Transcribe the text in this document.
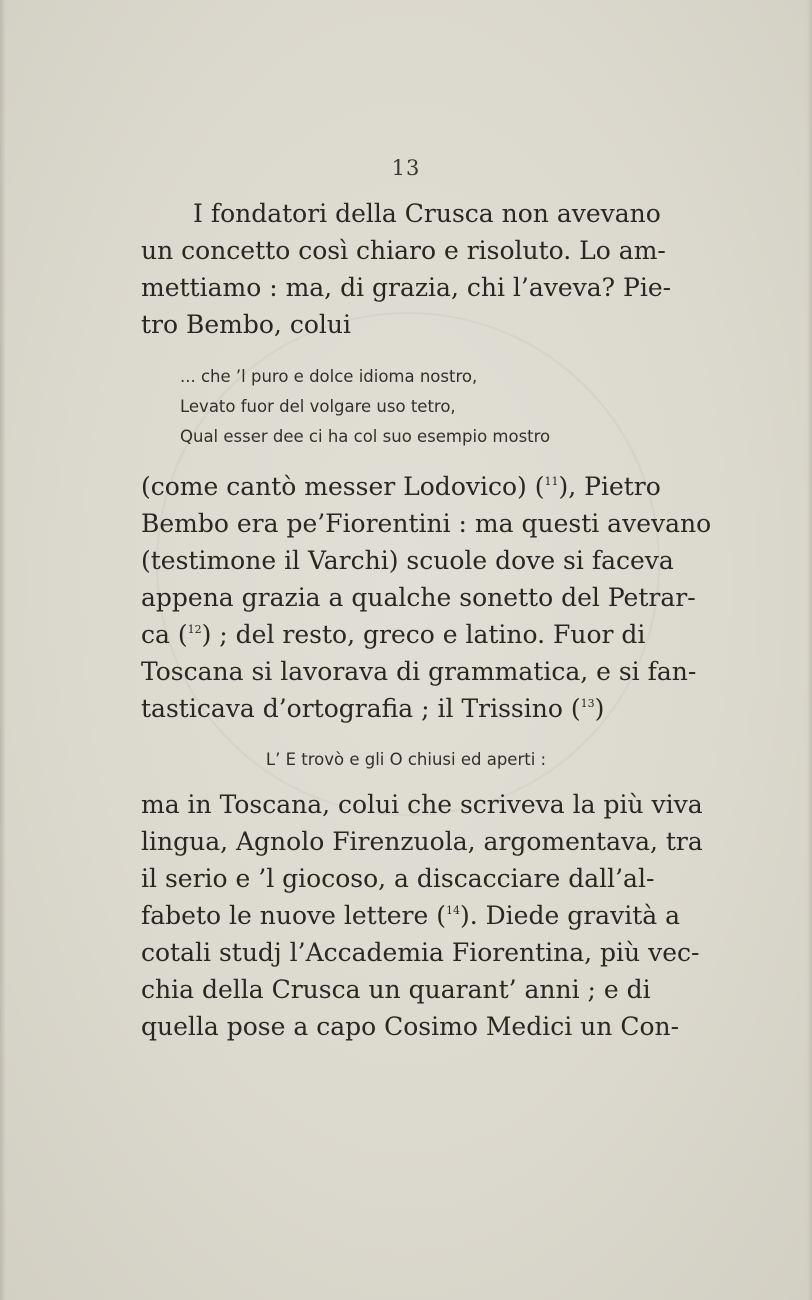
13
I fondatori della Crusca non avevano
un concetto così chiaro e risoluto. Lo am-
mettiamo : ma, di grazia, chi l’aveva? Pie-
tro Bembo, colui
... che ’l puro e dolce idioma nostro,
Levato fuor del volgare uso tetro,
Qual esser dee ci ha col suo esempio mostro
(come cantò messer Lodovico) ($^{11}$), Pietro
Bembo era pe’Fiorentini : ma questi avevano
(testimone il Varchi) scuole dove si faceva
appena grazia a qualche sonetto del Petrar-
ca ($^{12}$) ; del resto, greco e latino. Fuor di
Toscana si lavorava di grammatica, e si fan-
tasticava d’ortografia ; il Trissino ($^{13}$)
L’ E trovò e gli O chiusi ed aperti :
ma in Toscana, colui che scriveva la più viva
lingua, Agnolo Firenzuola, argomentava, tra
il serio e ’l giocoso, a discacciare dall’al-
fabeto le nuove lettere ($^{14}$). Diede gravità a
cotali studj l’Accademia Fiorentina, più vec-
chia della Crusca un quarant’ anni ; e di
quella pose a capo Cosimo Medici un Con-
